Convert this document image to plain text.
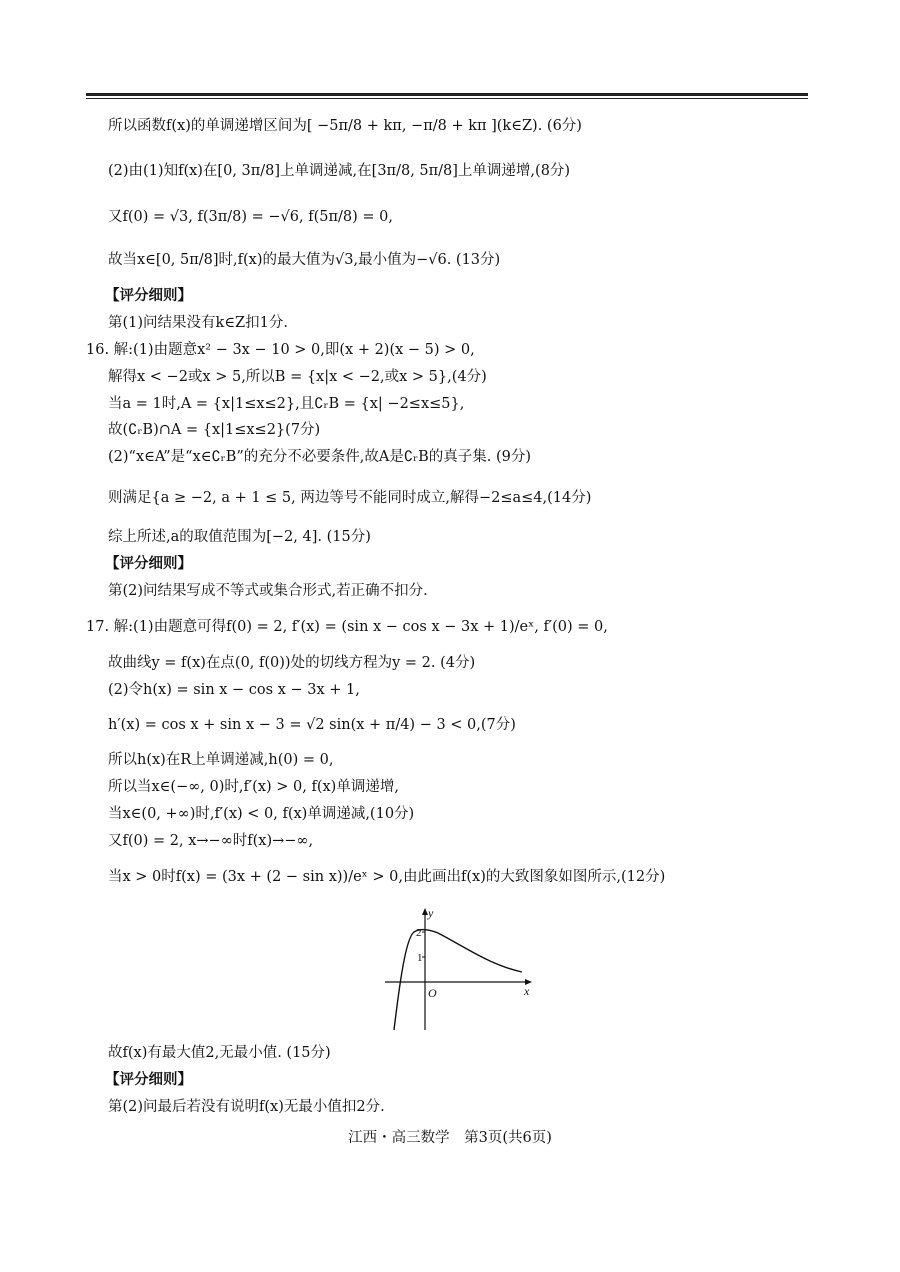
所以函数f(x)的单调递增区间为[ −5π/8 + kπ, −π/8 + kπ ](k∈Z). (6分)
(2)由(1)知f(x)在[0, 3π/8]上单调递减,在[3π/8, 5π/8]上单调递增,(8分)
又f(0) = √3, f(3π/8) = −√6, f(5π/8) = 0,
故当x∈[0, 5π/8]时,f(x)的最大值为√3,最小值为−√6. (13分)
【评分细则】
第(1)问结果没有k∈Z扣1分.
16. 解:(1)由题意x² − 3x − 10 > 0,即(x + 2)(x − 5) > 0,
解得x < −2或x > 5,所以B = {x|x < −2,或x > 5},(4分)
当a = 1时,A = {x|1≤x≤2},且∁ᵣB = {x| −2≤x≤5},
故(∁ᵣB)∩A = {x|1≤x≤2}(7分)
(2)“x∈A”是“x∈∁ᵣB”的充分不必要条件,故A是∁ᵣB的真子集. (9分)
则满足{a ≥ −2, a + 1 ≤ 5, 两边等号不能同时成立,解得−2≤a≤4,(14分)
综上所述,a的取值范围为[−2, 4]. (15分)
【评分细则】
第(2)问结果写成不等式或集合形式,若正确不扣分.
17. 解:(1)由题意可得f(0) = 2, f′(x) = (sin x − cos x − 3x + 1)/eˣ, f′(0) = 0,
故曲线y = f(x)在点(0, f(0))处的切线方程为y = 2. (4分)
(2)令h(x) = sin x − cos x − 3x + 1,
h′(x) = cos x + sin x − 3 = √2 sin(x + π/4) − 3 < 0,(7分)
所以h(x)在R上单调递减,h(0) = 0,
所以当x∈(−∞, 0)时,f′(x) > 0, f(x)单调递增,
当x∈(0, +∞)时,f′(x) < 0, f(x)单调递减,(10分)
又f(0) = 2, x→−∞时f(x)→−∞,
当x > 0时f(x) = (3x + (2 − sin x))/eˣ > 0,由此画出f(x)的大致图象如图所示,(12分)
y
x
O
2
1
故f(x)有最大值2,无最小值. (15分)
【评分细则】
第(2)问最后若没有说明f(x)无最小值扣2分.
江西・高三数学　第3页(共6页)
